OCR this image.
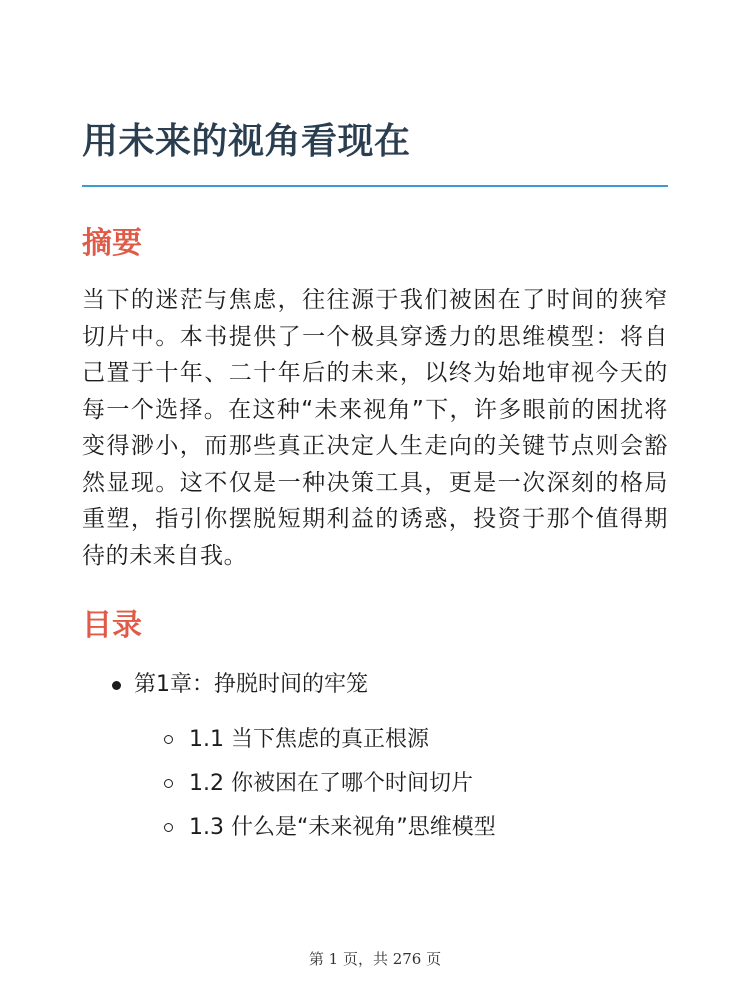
用未来的视角看现在
摘要

当下的迷茫与焦虑，往往源于我们被困在了时间的狭窄切片中。本书提供了一个极具穿透力的思维模型：将自己置于十年、二十年后的未来，以终为始地审视今天的每一个选择。在这种“未来视角”下，许多眼前的困扰将变得渺小，而那些真正决定人生走向的关键节点则会豁然显现。这不仅是一种决策工具，更是一次深刻的格局重塑，指引你摆脱短期利益的诱惑，投资于那个值得期待的未来自我。

目录
第1章：挣脱时间的牢笼
1.1 当下焦虑的真正根源
1.2 你被困在了哪个时间切片
1.3 什么是“未来视角”思维模型
第 1 页，共 276 页
